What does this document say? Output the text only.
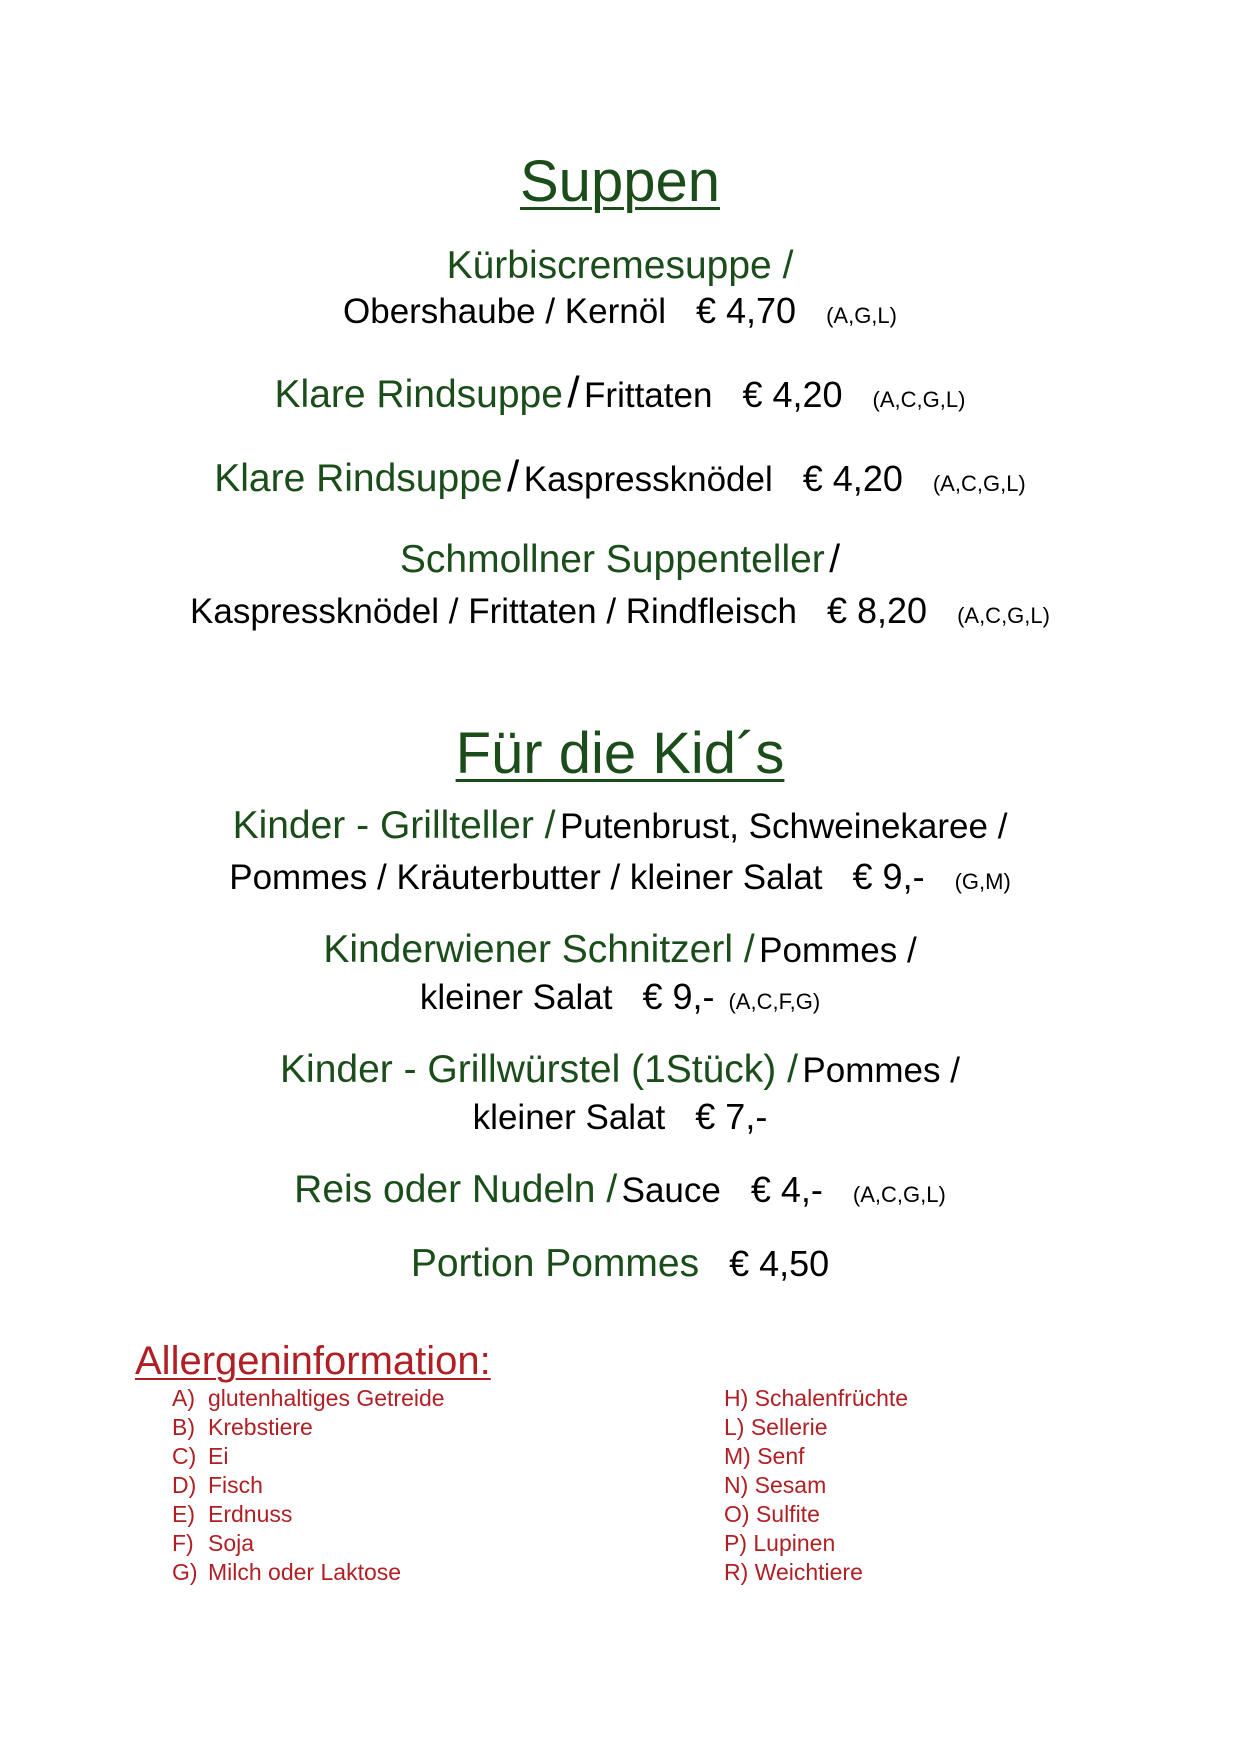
Suppen
Kürbiscremesuppe /
Obershaube / Kernöl € 4,70 (A,G,L)
Klare Rindsuppe / Frittaten € 4,20 (A,C,G,L)
Klare Rindsuppe / Kaspressknödel € 4,20 (A,C,G,L)
Schmollner Suppenteller /
Kaspressknödel / Frittaten / Rindfleisch € 8,20 (A,C,G,L)
Für die Kid´s
Kinder - Grillteller / Putenbrust, Schweinekaree /
Pommes / Kräuterbutter / kleiner Salat € 9,- (G,M)
Kinderwiener Schnitzerl / Pommes /
kleiner Salat € 9,- (A,C,F,G)
Kinder - Grillwürstel (1Stück) / Pommes /
kleiner Salat € 7,-
Reis oder Nudeln / Sauce € 4,- (A,C,G,L)
Portion Pommes € 4,50
Allergeninformation:
A) glutenhaltiges Getreide
B) Krebstiere
C) Ei
D) Fisch
E) Erdnuss
F) Soja
G) Milch oder Laktose
H) Schalenfrüchte
L) Sellerie
M) Senf
N) Sesam
O) Sulfite
P) Lupinen
R) Weichtiere
